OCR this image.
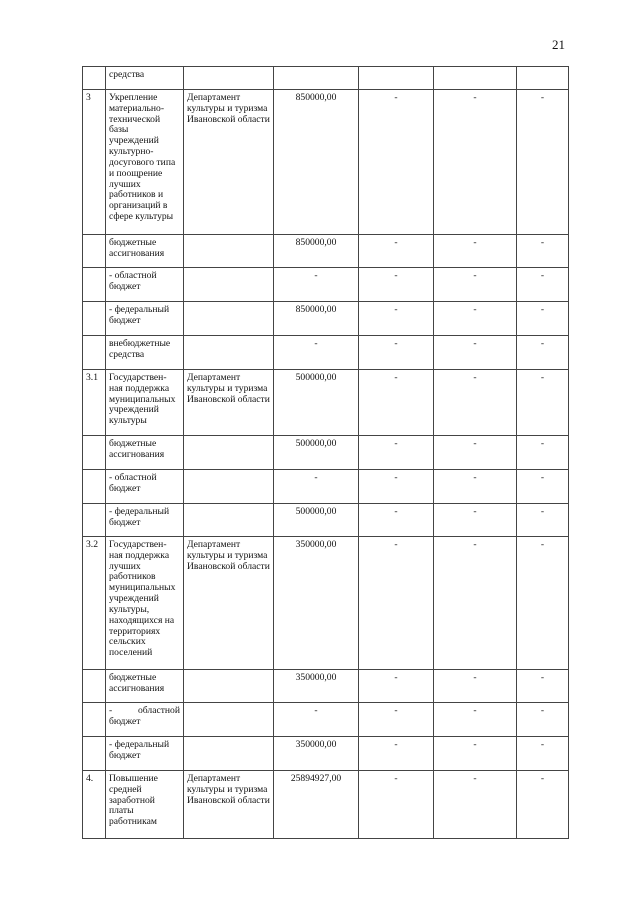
21
	средства					
3	Укрепление материально-технической базы учреждений культурно-досугового типа и поощрение лучших работников и организаций в сфере культуры	Департамент культуры и туризма Ивановской области	850000,00	-	-	-
	бюджетные ассигнования		850000,00	-	-	-
	- областной бюджет		-	-	-	-
	- федеральный бюджет		850000,00	-	-	-
	внебюджетные средства		-	-	-	-
3.1	Государствен-ная поддержка муниципальных учреждений культуры	Департамент культуры и туризма Ивановской области	500000,00	-	-	-
	бюджетные ассигнования		500000,00	-	-	-
	- областной бюджет		-	-	-	-
	- федеральный бюджет		500000,00	-	-	-
3.2	Государствен-ная поддержка лучших работников муниципальных учреждений культуры, находящихся на территориях сельских поселений	Департамент культуры и туризма Ивановской области	350000,00	-	-	-
	бюджетные ассигнования		350000,00	-	-	-
	- областной бюджет		-	-	-	-
	- федеральный бюджет		350000,00	-	-	-
4.	Повышение средней заработной платы работникам	Департамент культуры и туризма Ивановской области	25894927,00	-	-	-
